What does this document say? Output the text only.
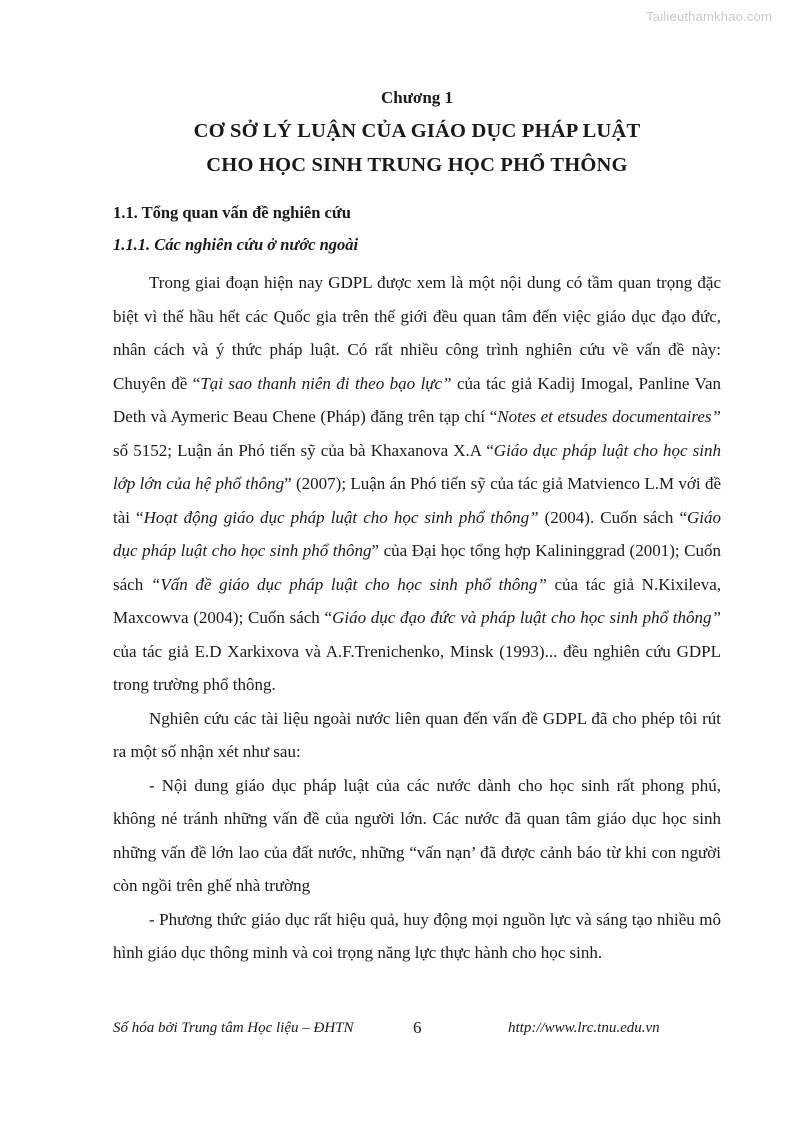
Tailieuthamkhao.com
Chương 1
CƠ SỞ LÝ LUẬN CỦA GIÁO DỤC PHÁP LUẬT
CHO HỌC SINH TRUNG HỌC PHỔ THÔNG
1.1. Tổng quan vấn đề nghiên cứu
1.1.1. Các nghiên cứu ở nước ngoài

Trong giai đoạn hiện nay GDPL được xem là một nội dung có tầm quan trọng đặc biệt vì thế hầu hết các Quốc gia trên thế giới đều quan tâm đến việc giáo dục đạo đức, nhân cách và ý thức pháp luật. Có rất nhiều công trình nghiên cứu về vấn đề này: Chuyên đề “Tại sao thanh niên đi theo bạo lực” của tác giả Kadij Imogal, Panline Van Deth và Aymeric Beau Chene (Pháp) đăng trên tạp chí “Notes et etsudes documentaires” số 5152; Luận án Phó tiến sỹ của bà Khaxanova X.A “Giáo dục pháp luật cho học sinh lớp lớn của hệ phổ thông” (2007); Luận án Phó tiến sỹ của tác giả Matvienco L.M với đề tài “Hoạt động giáo dục pháp luật cho học sinh phổ thông” (2004). Cuốn sách “Giáo dục pháp luật cho học sinh phổ thông” của Đại học tổng hợp Kalininggrad (2001); Cuốn sách “Vấn đề giáo dục pháp luật cho học sinh phổ thông” của tác giả N.Kixileva, Maxcowva (2004); Cuốn sách “Giáo dục đạo đức và pháp luật cho học sinh phổ thông” của tác giả E.D Xarkixova và A.F.Trenichenko, Minsk (1993)... đều nghiên cứu GDPL trong trường phổ thông.

Nghiên cứu các tài liệu ngoài nước liên quan đến vấn đề GDPL đã cho phép tôi rút ra một số nhận xét như sau:

- Nội dung giáo dục pháp luật của các nước dành cho học sinh rất phong phú, không né tránh những vấn đề của người lớn. Các nước đã quan tâm giáo dục học sinh những vấn đề lớn lao của đất nước, những “vấn nạn’ đã được cảnh báo từ khi con người còn ngồi trên ghế nhà trường

- Phương thức giáo dục rất hiệu quả, huy động mọi nguồn lực và sáng tạo nhiều mô hình giáo dục thông minh và coi trọng năng lực thực hành cho học sinh.

Số hóa bởi Trung tâm Học liệu – ĐHTN	6	http://www.lrc.tnu.edu.vn
